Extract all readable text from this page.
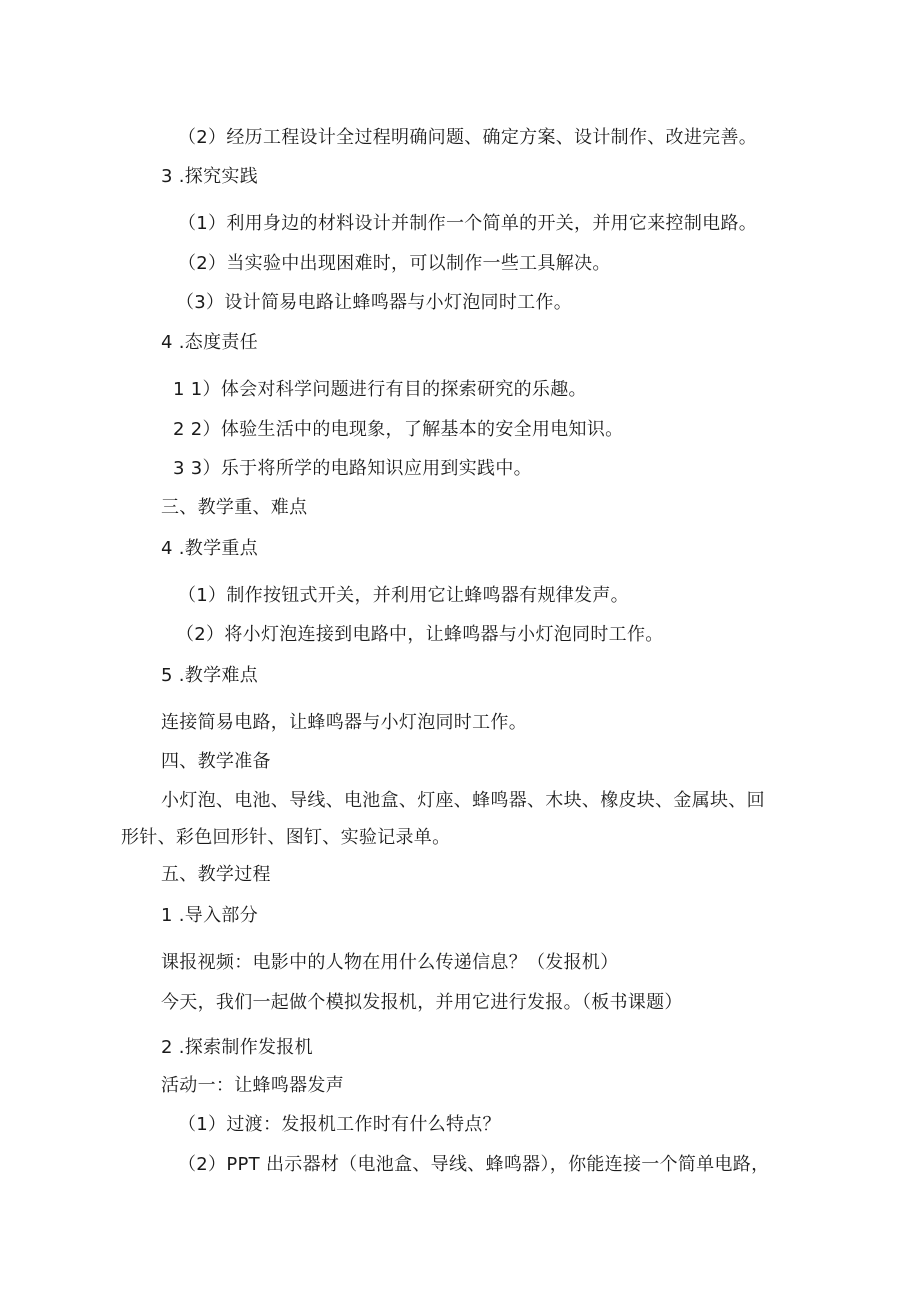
（2）经历工程设计全过程明确问题、确定方案、设计制作、改进完善。
3 .探究实践
（1）利用身边的材料设计并制作一个简单的开关，并用它来控制电路。
（2）当实验中出现困难时，可以制作一些工具解决。
（3）设计简易电路让蜂鸣器与小灯泡同时工作。
4 .态度责任
1 1）体会对科学问题进行有目的探索研究的乐趣。
2 2）体验生活中的电现象，了解基本的安全用电知识。
3 3）乐于将所学的电路知识应用到实践中。
三、教学重、难点
4 .教学重点
（1）制作按钮式开关，并利用它让蜂鸣器有规律发声。
（2）将小灯泡连接到电路中，让蜂鸣器与小灯泡同时工作。
5 .教学难点
连接简易电路，让蜂鸣器与小灯泡同时工作。
四、教学准备
小灯泡、电池、导线、电池盒、灯座、蜂鸣器、木块、橡皮块、金属块、回
形针、彩色回形针、图钉、实验记录单。
五、教学过程
1 .导入部分
课报视频：电影中的人物在用什么传递信息？（发报机）
今天，我们一起做个模拟发报机，并用它进行发报。（板书课题）
2 .探索制作发报机
活动一：让蜂鸣器发声
（1）过渡：发报机工作时有什么特点？
（2）PPT 出示器材（电池盒、导线、蜂鸣器），你能连接一个简单电路，
